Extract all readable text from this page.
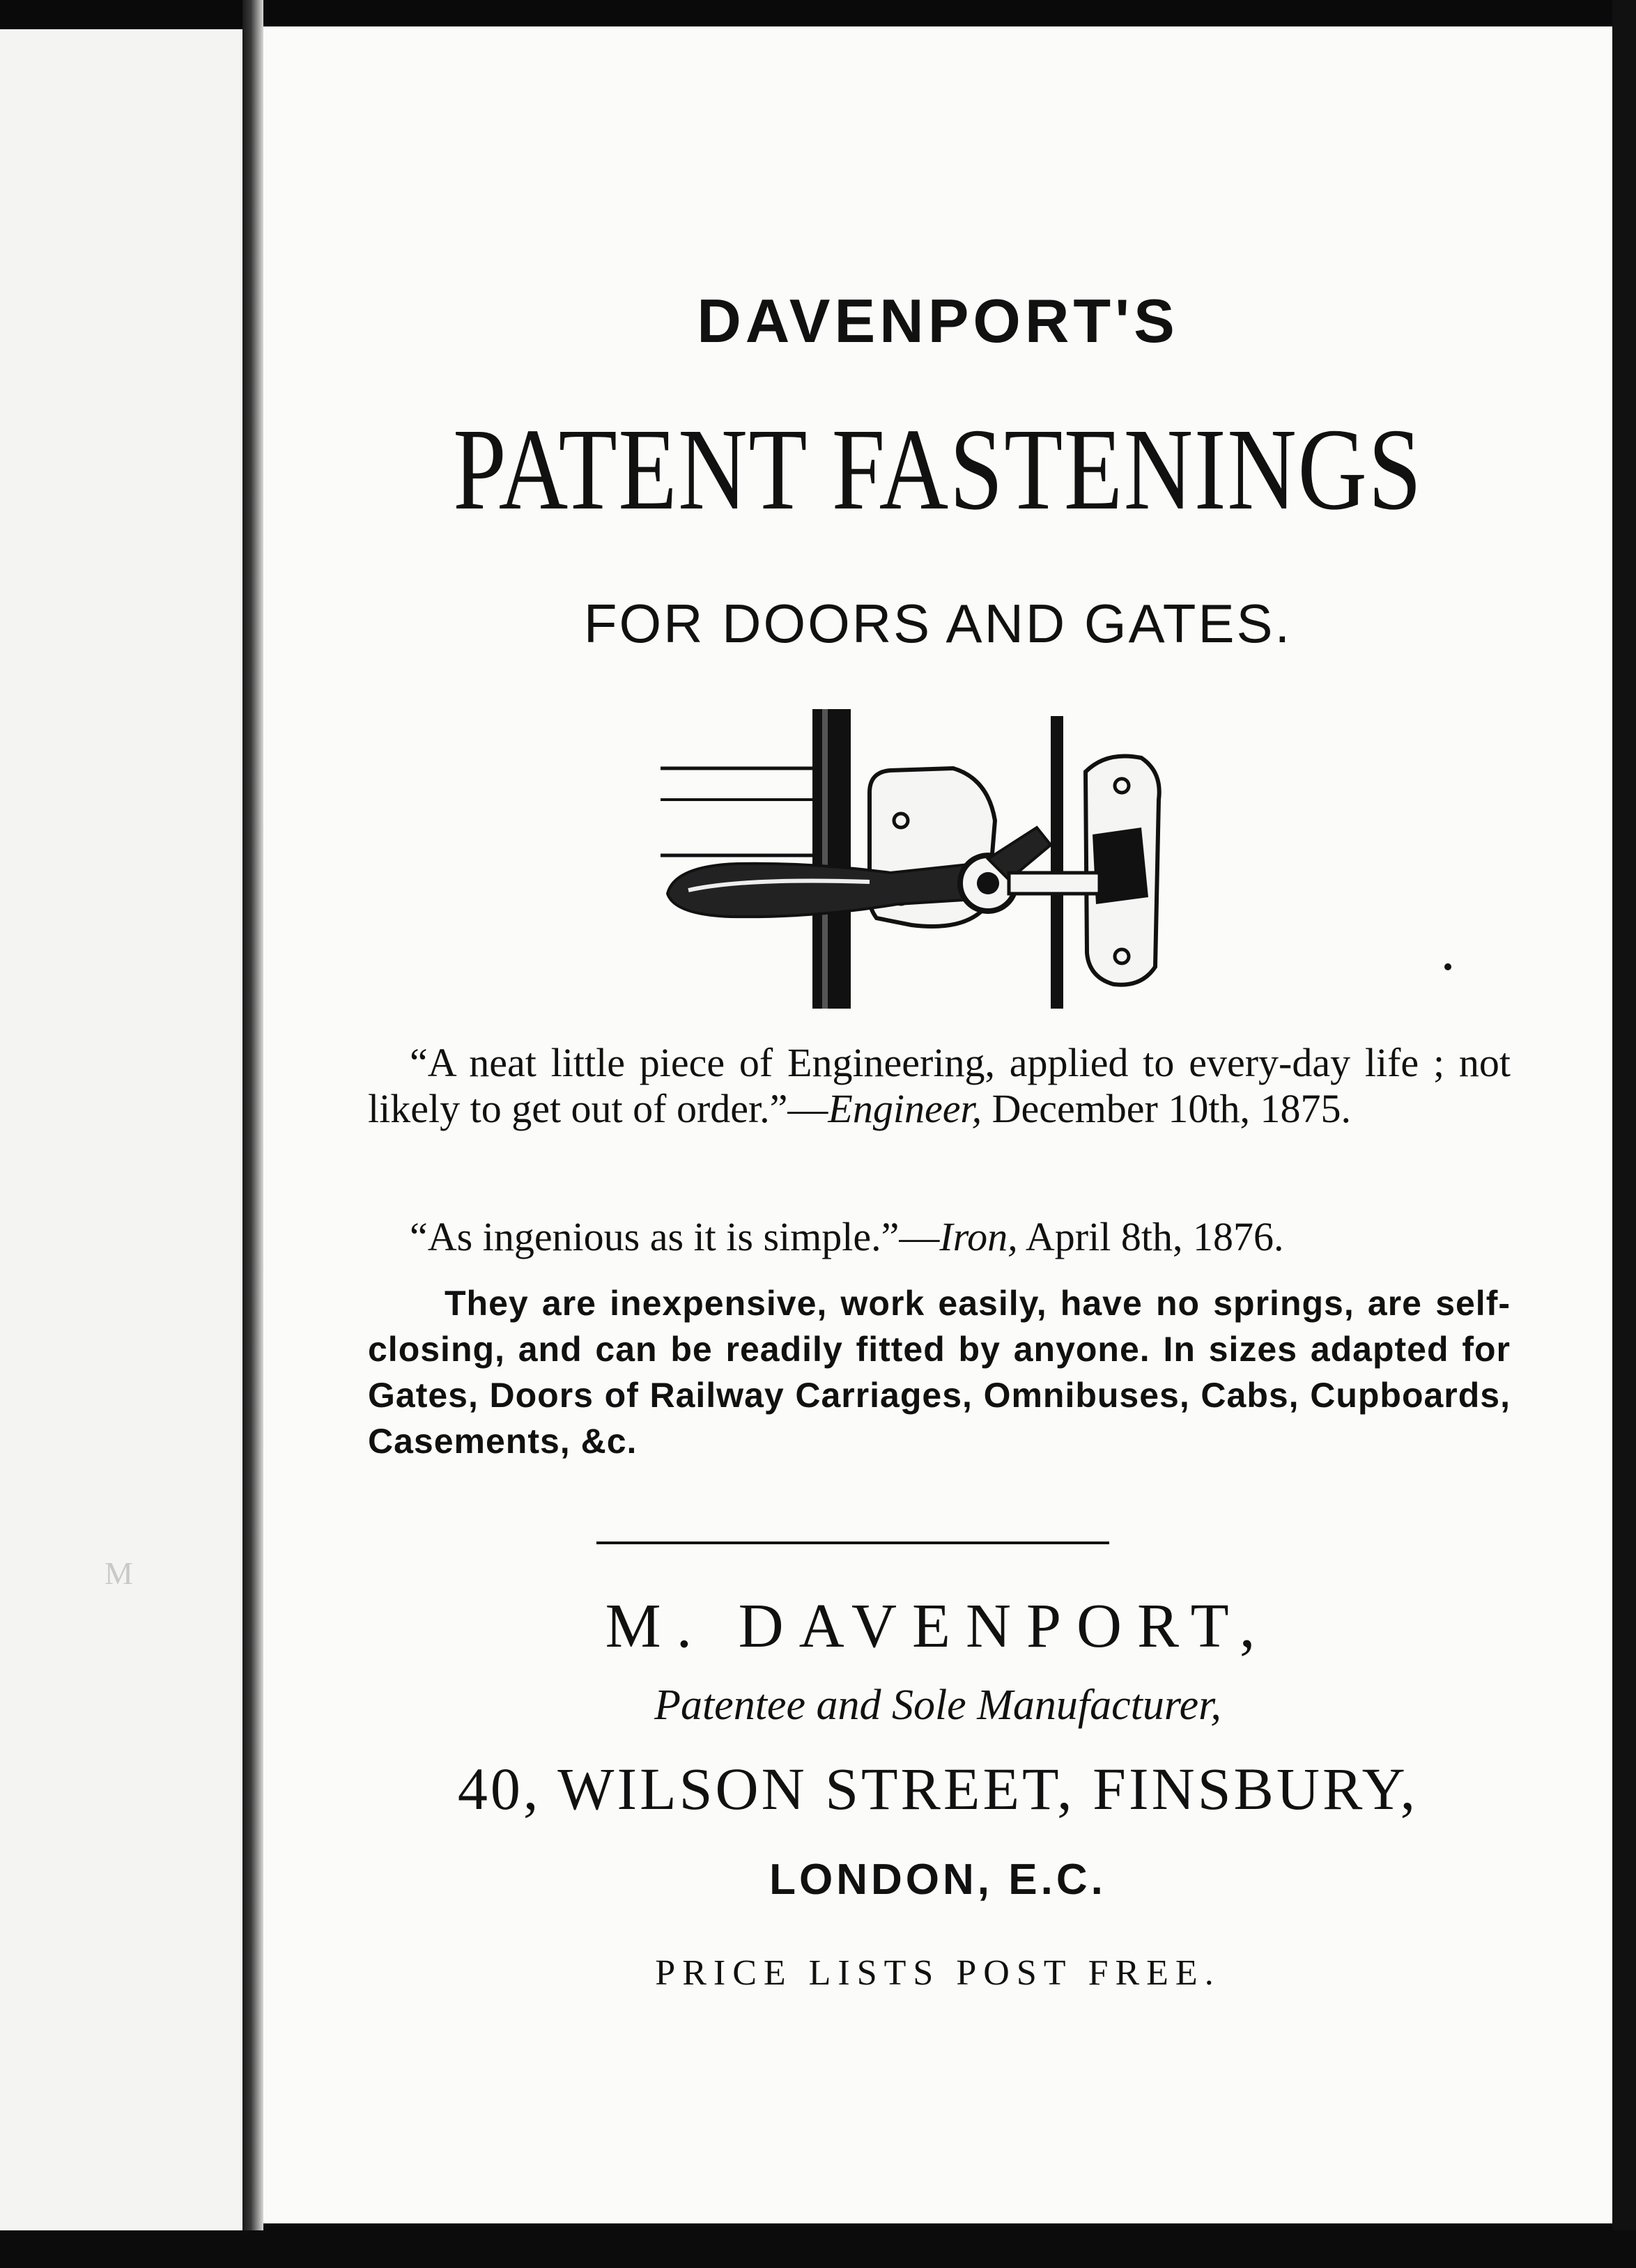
M
DAVENPORT'S
PATENT FASTENINGS
FOR DOORS AND GATES.
“A neat little piece of Engineering, applied to every-day life ; not likely to get out of order.”—Engineer, December 10th, 1875.
“As ingenious as it is simple.”—Iron, April 8th, 1876.
They are inexpensive, work easily, have no springs, are self-closing, and can be readily fitted by anyone. In sizes adapted for Gates, Doors of Railway Carriages, Omnibuses, Cabs, Cupboards, Casements, &c.
M. DAVENPORT,
Patentee and Sole Manufacturer,
40, WILSON STREET, FINSBURY,
LONDON, E.C.
PRICE LISTS POST FREE.
